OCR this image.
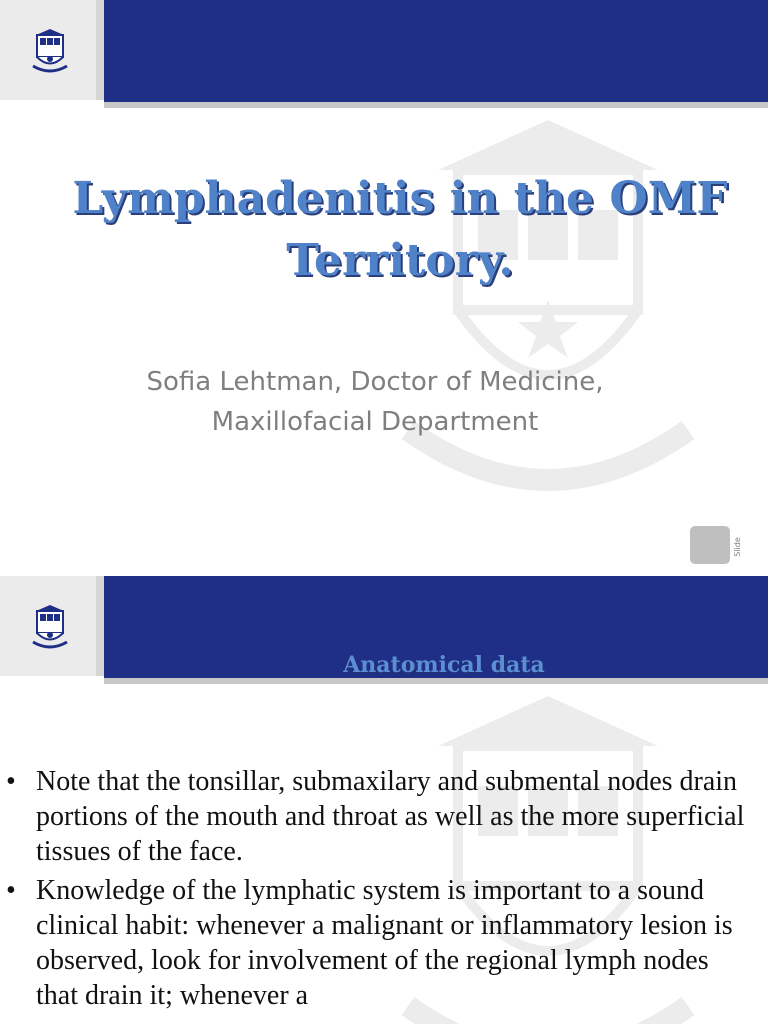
Lymphadenitis in the OMF
Territory.

Sofia Lehtman, Doctor of Medicine,
Maxillofacial Department

Slide
Anatomical data
• Note that the tonsillar, submaxilary and submental nodes drain portions of the mouth and throat as well as the more superficial tissues of the face.
• Knowledge of the lymphatic system is important to a sound clinical habit: whenever a malignant or inflammatory lesion is observed, look for involvement of the regional lymph nodes that drain it; whenever a
